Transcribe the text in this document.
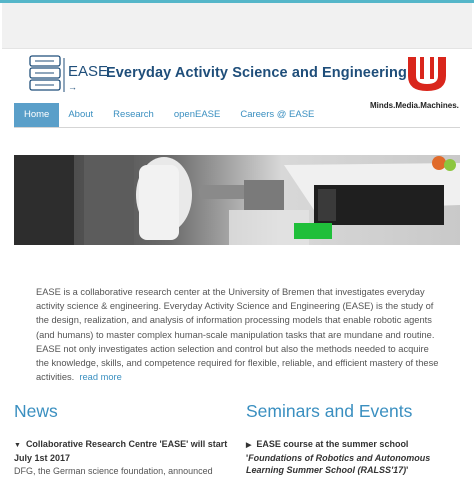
EASE
→
Everyday Activity Science and Engineering
Minds.Media.Machines.
Home	About	Research	openEASE	Careers @ EASE
EASE is a collaborative research center at the University of Bremen that investigates everyday activity science & engineering. Everyday Activity Science and Engineering (EASE) is the study of the design, realization, and analysis of information processing models that enable robotic agents (and humans) to master complex human-scale manipulation tasks that are mundane and routine. EASE not only investigates action selection and control but also the methods needed to acquire the knowledge, skills, and competence required for flexible, reliable, and efficient mastery of these activities. read more
News	Seminars and Events
▼ Collaborative Research Centre 'EASE' will start July 1st 2017
DFG, the German science foundation, announced
▶ EASE course at the summer school 'Foundations of Robotics and Autonomous Learning Summer School (RALSS'17)'
